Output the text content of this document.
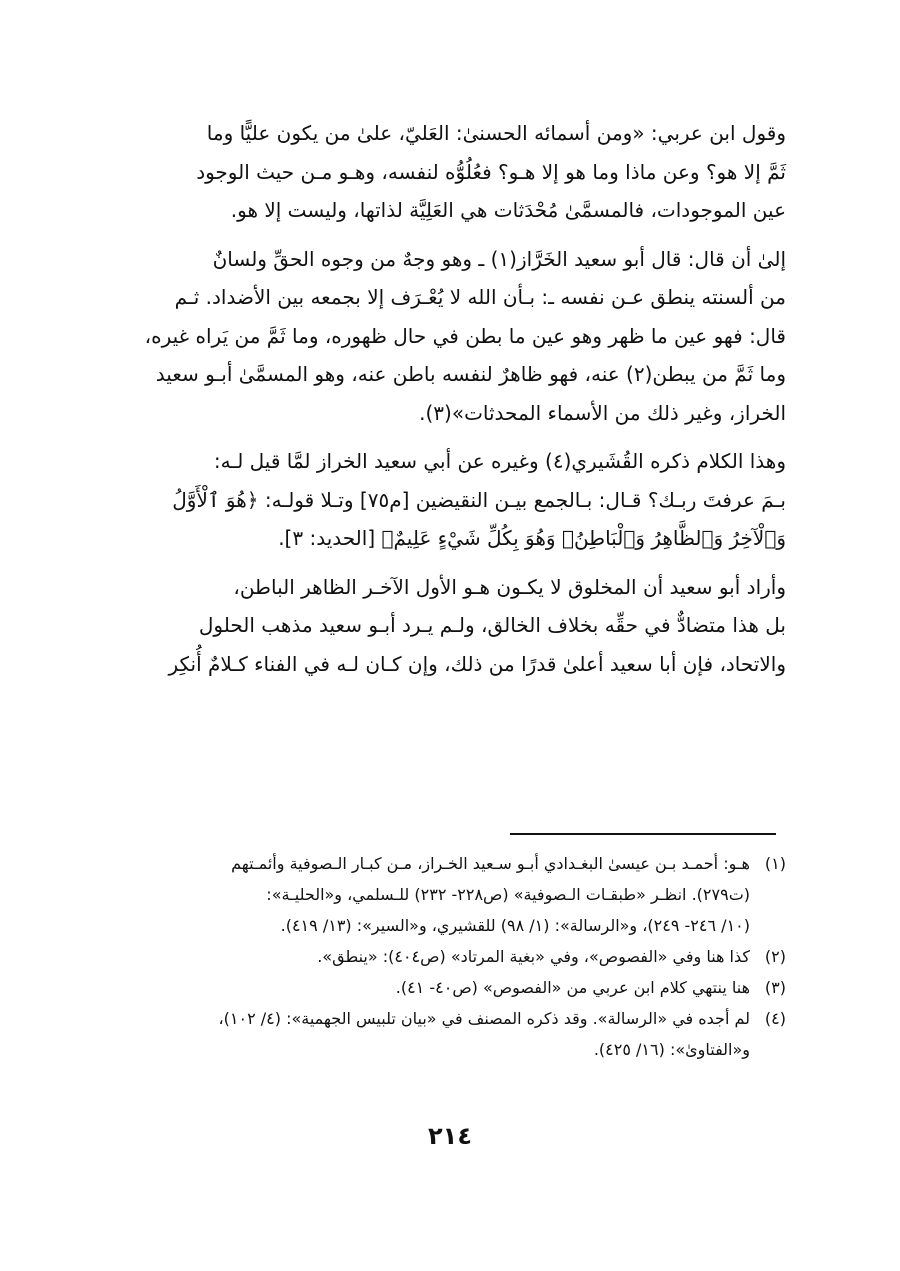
وقول ابن عربي: «ومن أسمائه الحسنىٰ: العَليّ، علىٰ من يكون عليًّا وما

ثَمَّ إلا هو؟ وعن ماذا وما هو إلا هـو؟ فعُلُوُّه لنفسه، وهـو مـن حيث الوجود

عين الموجودات، فالمسمَّىٰ مُحْدَثات هي العَلِيَّة لذاتها، وليست إلا هو.

إلىٰ أن قال: قال أبو سعيد الخَرَّاز(١) ـ وهو وجهٌ من وجوه الحقِّ ولسانٌ

من ألسنته ينطق عـن نفسه ـ: بـأن الله لا يُعْـرَف إلا بجمعه بين الأضداد. ثـم

قال: فهو عين ما ظهر وهو عين ما بطن في حال ظهوره، وما ثَمَّ من يَراه غيره،

وما ثَمَّ من يبطن(٢) عنه، فهو ظاهرٌ لنفسه باطن عنه، وهو المسمَّىٰ أبـو سعيد

الخراز، وغير ذلك من الأسماء المحدثات»(٣).

وهذا الكلام ذكره القُشَيري(٤) وغيره عن أبي سعيد الخراز لمَّا قيل لـه:

بـمَ عرفتَ ربـك؟ قـال: بـالجمع بيـن النقيضين [م٧٥] وتـلا قولـه: ﴿هُوَ ٱلْأَوَّلُ

وَٱلْآخِرُ وَٱلظَّاهِرُ وَٱلْبَاطِنُۖ وَهُوَ بِكُلِّ شَيْءٍ عَلِيمٌ﴾ [الحديد: ٣].

وأراد أبو سعيد أن المخلوق لا يكـون هـو الأول الآخـر الظاهر الباطن،

بل هذا متضادٌّ في حقِّه بخلاف الخالق، ولـم يـرد أبـو سعيد مذهب الحلول

والاتحاد، فإن أبا سعيد أعلىٰ قدرًا من ذلك، وإن كـان لـه في الفناء كـلامٌ أُنكِر

(١)
هـو: أحمـد بـن عيسىٰ البغـدادي أبـو سـعيد الخـراز، مـن كبـار الـصوفية وأئمـتهم
(ت٢٧٩). انظـر «طبقـات الـصوفية» (ص٢٢٨- ٢٣٢) للـسلمي، و«الحليـة»:
(١٠/ ٢٤٦- ٢٤٩)، و«الرسالة»: (١/ ٩٨) للقشيري، و«السير»: (١٣/ ٤١٩).
(٢)
كذا هنا وفي «الفصوص»، وفي «بغية المرتاد» (ص٤٠٤): «ينطق».
(٣)
هنا ينتهي كلام ابن عربي من «الفصوص» (ص٤٠- ٤١).
(٤)
لم أجده في «الرسالة». وقد ذكره المصنف في «بيان تلبيس الجهمية»: (٤/ ١٠٢)،
و«الفتاوىٰ»: (١٦/ ٤٢٥).
٢١٤
